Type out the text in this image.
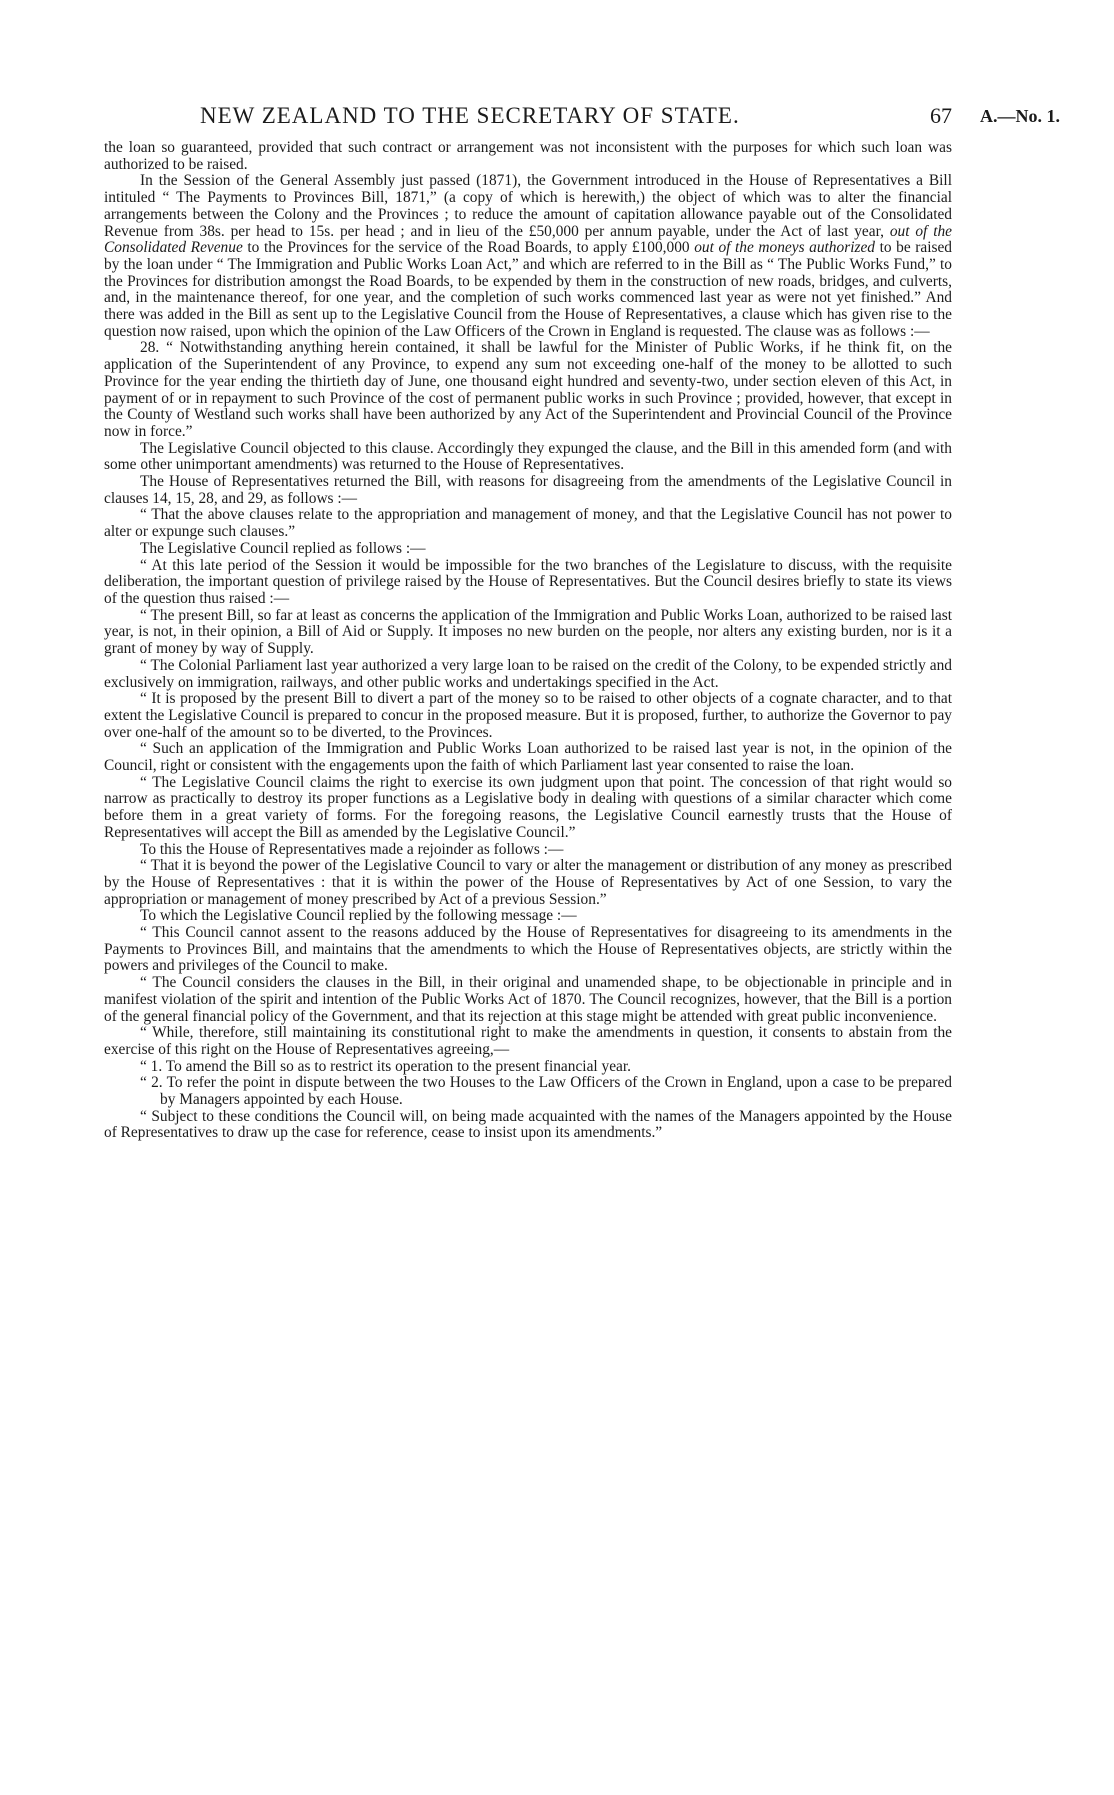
NEW ZEALAND TO THE SECRETARY OF STATE.	67 A.—No. 1.

the loan so guaranteed, provided that such contract or arrangement was not inconsistent with the purposes for which such loan was authorized to be raised.

In the Session of the General Assembly just passed (1871), the Government introduced in the House of Representatives a Bill intituled “ The Payments to Provinces Bill, 1871,” (a copy of which is herewith,) the object of which was to alter the financial arrangements between the Colony and the Provinces ; to reduce the amount of capitation allowance payable out of the Consolidated Revenue from 38s. per head to 15s. per head ; and in lieu of the £50,000 per annum payable, under the Act of last year, out of the Consolidated Revenue to the Provinces for the service of the Road Boards, to apply £100,000 out of the moneys authorized to be raised by the loan under “ The Immigration and Public Works Loan Act,” and which are referred to in the Bill as “ The Public Works Fund,” to the Provinces for distribution amongst the Road Boards, to be expended by them in the construction of new roads, bridges, and culverts, and, in the maintenance thereof, for one year, and the completion of such works commenced last year as were not yet finished.” And there was added in the Bill as sent up to the Legislative Council from the House of Representatives, a clause which has given rise to the question now raised, upon which the opinion of the Law Officers of the Crown in England is requested. The clause was as follows :—

28. “ Notwithstanding anything herein contained, it shall be lawful for the Minister of Public Works, if he think fit, on the application of the Superintendent of any Province, to expend any sum not exceeding one-half of the money to be allotted to such Province for the year ending the thirtieth day of June, one thousand eight hundred and seventy-two, under section eleven of this Act, in payment of or in repayment to such Province of the cost of permanent public works in such Province ; provided, however, that except in the County of Westland such works shall have been authorized by any Act of the Superintendent and Provincial Council of the Province now in force.”

The Legislative Council objected to this clause. Accordingly they expunged the clause, and the Bill in this amended form (and with some other unimportant amendments) was returned to the House of Representatives.

The House of Representatives returned the Bill, with reasons for disagreeing from the amendments of the Legislative Council in clauses 14, 15, 28, and 29, as follows :—

“ That the above clauses relate to the appropriation and management of money, and that the Legislative Council has not power to alter or expunge such clauses.”

The Legislative Council replied as follows :—

“ At this late period of the Session it would be impossible for the two branches of the Legislature to discuss, with the requisite deliberation, the important question of privilege raised by the House of Representatives. But the Council desires briefly to state its views of the question thus raised :—

“ The present Bill, so far at least as concerns the application of the Immigration and Public Works Loan, authorized to be raised last year, is not, in their opinion, a Bill of Aid or Supply. It imposes no new burden on the people, nor alters any existing burden, nor is it a grant of money by way of Supply.

“ The Colonial Parliament last year authorized a very large loan to be raised on the credit of the Colony, to be expended strictly and exclusively on immigration, railways, and other public works and undertakings specified in the Act.

“ It is proposed by the present Bill to divert a part of the money so to be raised to other objects of a cognate character, and to that extent the Legislative Council is prepared to concur in the proposed measure. But it is proposed, further, to authorize the Governor to pay over one-half of the amount so to be diverted, to the Provinces.

“ Such an application of the Immigration and Public Works Loan authorized to be raised last year is not, in the opinion of the Council, right or consistent with the engagements upon the faith of which Parliament last year consented to raise the loan.

“ The Legislative Council claims the right to exercise its own judgment upon that point. The concession of that right would so narrow as practically to destroy its proper functions as a Legislative body in dealing with questions of a similar character which come before them in a great variety of forms. For the foregoing reasons, the Legislative Council earnestly trusts that the House of Representatives will accept the Bill as amended by the Legislative Council.”

To this the House of Representatives made a rejoinder as follows :—

“ That it is beyond the power of the Legislative Council to vary or alter the management or distribution of any money as prescribed by the House of Representatives : that it is within the power of the House of Representatives by Act of one Session, to vary the appropriation or management of money prescribed by Act of a previous Session.”

To which the Legislative Council replied by the following message :—

“ This Council cannot assent to the reasons adduced by the House of Representatives for disagreeing to its amendments in the Payments to Provinces Bill, and maintains that the amendments to which the House of Representatives objects, are strictly within the powers and privileges of the Council to make.

“ The Council considers the clauses in the Bill, in their original and unamended shape, to be objectionable in principle and in manifest violation of the spirit and intention of the Public Works Act of 1870. The Council recognizes, however, that the Bill is a portion of the general financial policy of the Government, and that its rejection at this stage might be attended with great public inconvenience.

“ While, therefore, still maintaining its constitutional right to make the amendments in question, it consents to abstain from the exercise of this right on the House of Representatives agreeing,—

“ 1. To amend the Bill so as to restrict its operation to the present financial year.

“ 2. To refer the point in dispute between the two Houses to the Law Officers of the Crown in England, upon a case to be prepared by Managers appointed by each House.

“ Subject to these conditions the Council will, on being made acquainted with the names of the Managers appointed by the House of Representatives to draw up the case for reference, cease to insist upon its amendments.”
